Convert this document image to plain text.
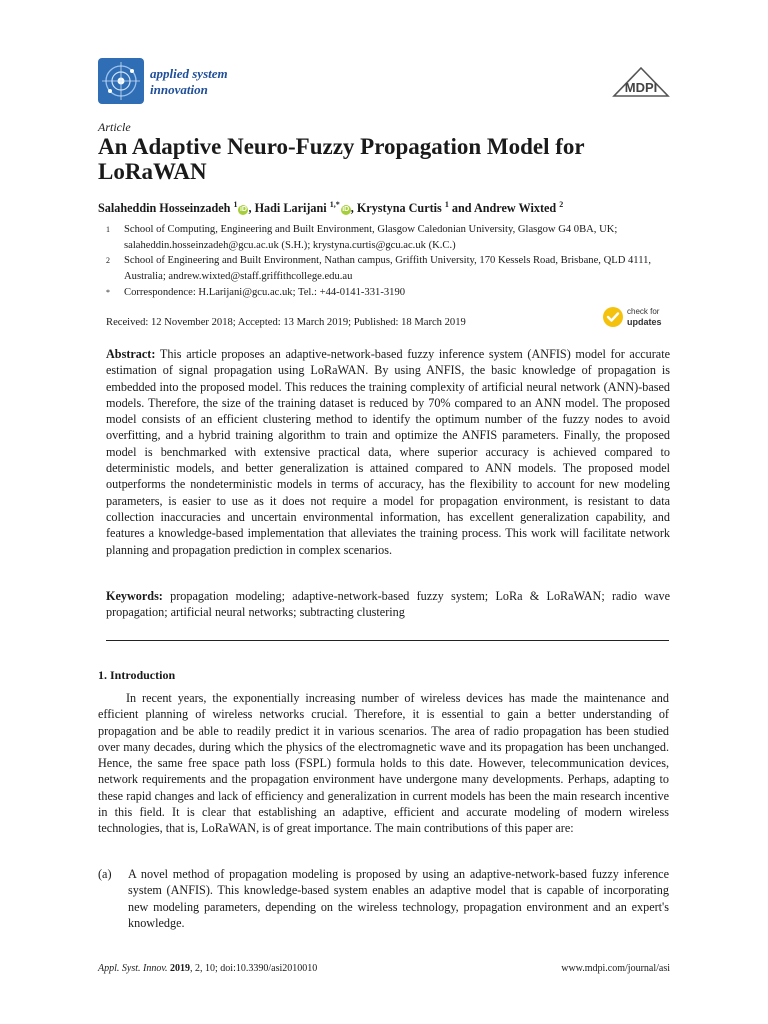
applied system
innovation	MDPI
Article
An Adaptive Neuro-Fuzzy Propagation Model for LoRaWAN
Salaheddin Hosseinzadeh $^1$iD , Hadi Larijani $^{1,*}$iD , Krystyna Curtis $^1$ and Andrew Wixted $^2$
1	School of Computing, Engineering and Built Environment, Glasgow Caledonian University, Glasgow G4 0BA, UK; salaheddin.hosseinzadeh@gcu.ac.uk (S.H.); krystyna.curtis@gcu.ac.uk (K.C.)
2	School of Engineering and Built Environment, Nathan campus, Griffith University, 170 Kessels Road, Brisbane, QLD 4111, Australia; andrew.wixted@staff.griffithcollege.edu.au
*	Correspondence: H.Larijani@gcu.ac.uk; Tel.: +44-0141-331-3190
Received: 12 November 2018; Accepted: 13 March 2019; Published: 18 March 2019
check for
updates
Abstract: This article proposes an adaptive-network-based fuzzy inference system (ANFIS) model for accurate estimation of signal propagation using LoRaWAN. By using ANFIS, the basic knowledge of propagation is embedded into the proposed model. This reduces the training complexity of artificial neural network (ANN)-based models. Therefore, the size of the training dataset is reduced by 70% compared to an ANN model. The proposed model consists of an efficient clustering method to identify the optimum number of the fuzzy nodes to avoid overfitting, and a hybrid training algorithm to train and optimize the ANFIS parameters. Finally, the proposed model is benchmarked with extensive practical data, where superior accuracy is achieved compared to deterministic models, and better generalization is attained compared to ANN models. The proposed model outperforms the nondeterministic models in terms of accuracy, has the flexibility to account for new modeling parameters, is easier to use as it does not require a model for propagation environment, is resistant to data collection inaccuracies and uncertain environmental information, has excellent generalization capability, and features a knowledge-based implementation that alleviates the training process. This work will facilitate network planning and propagation prediction in complex scenarios.
Keywords: propagation modeling; adaptive-network-based fuzzy system; LoRa & LoRaWAN; radio wave propagation; artificial neural networks; subtracting clustering
1. Introduction

In recent years, the exponentially increasing number of wireless devices has made the maintenance and efficient planning of wireless networks crucial. Therefore, it is essential to gain a better understanding of propagation and be able to readily predict it in various scenarios. The area of radio propagation has been studied over many decades, during which the physics of the electromagnetic wave and its propagation has been unchanged. Hence, the same free space path loss (FSPL) formula holds to this date. However, telecommunication devices, network requirements and the propagation environment have undergone many developments. Perhaps, adapting to these rapid changes and lack of efficiency and generalization in current models has been the main research incentive in this field. It is clear that establishing an adaptive, efficient and accurate modeling of modern wireless technologies, that is, LoRaWAN, is of great importance. The main contributions of this paper are:

(a)	A novel method of propagation modeling is proposed by using an adaptive-network-based fuzzy inference system (ANFIS). This knowledge-based system enables an adaptive model that is capable of incorporating new modeling parameters, depending on the wireless technology, propagation environment and an expert's knowledge.
Appl. Syst. Innov. 2019, 2, 10; doi:10.3390/asi2010010	www.mdpi.com/journal/asi
